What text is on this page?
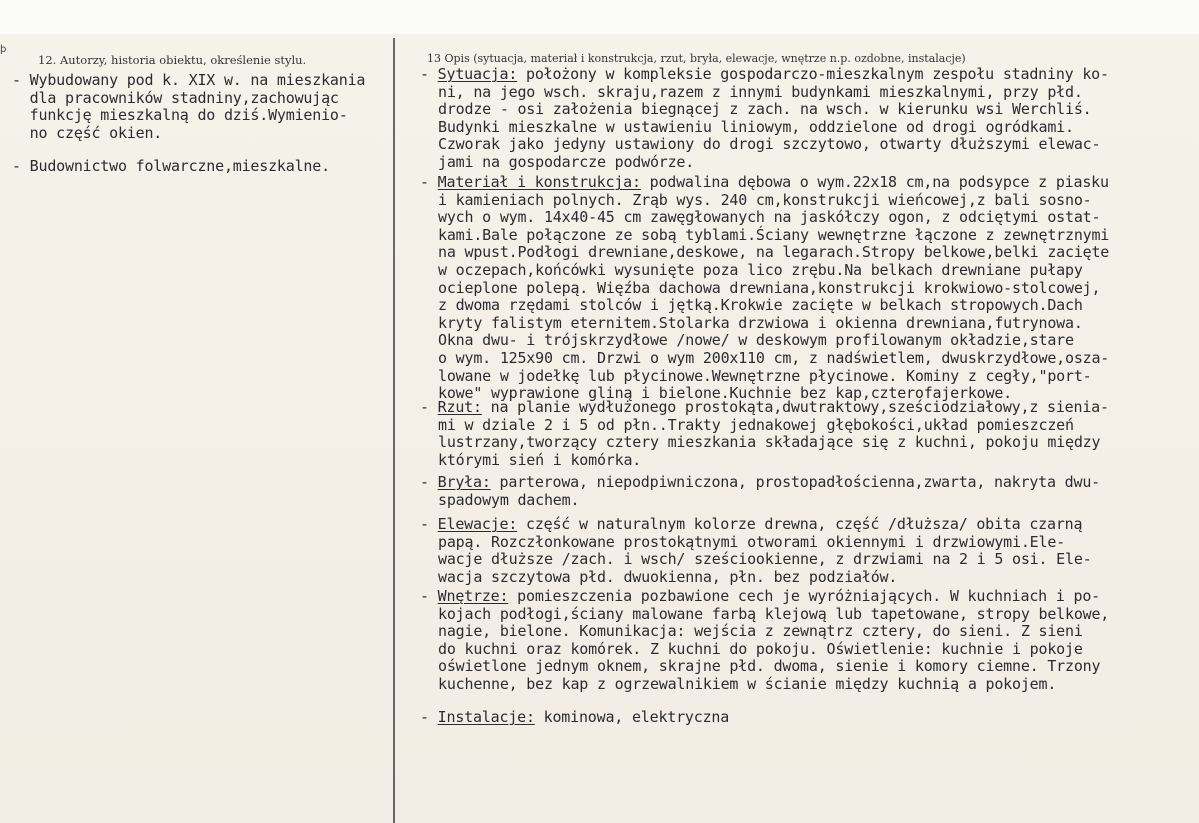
þ
12. Autorzy, historia obiektu, określenie stylu.	13 Opis (sytuacja, materiał i konstrukcja, rzut, bryła, elewacje, wnętrze n.p. ozdobne, instalacje)
- Wybudowany pod k. XIX w. na mieszkania
dla pracowników stadniny,zachowując
funkcję mieszkalną do dziś.Wymienio-
no część okien.
- Budownictwo folwarczne,mieszkalne.
- Sytuacja: położony w kompleksie gospodarczo-mieszkalnym zespołu stadniny ko-

ni, na jego wsch. skraju,razem z innymi budynkami mieszkalnymi, przy płd.
drodze - osi założenia biegnącej z zach. na wsch. w kierunku wsi Werchliś.
Budynki mieszkalne w ustawieniu liniowym, oddzielone od drogi ogródkami.
Czworak jako jedyny ustawiony do drogi szczytowo, otwarty dłuższymi elewac-
jami na gospodarcze podwórze.
- Materiał i konstrukcja: podwalina dębowa o wym.22x18 cm,na podsypce z piasku

i kamieniach polnych. Zrąb wys. 240 cm,konstrukcji wieńcowej,z bali sosno-
wych o wym. 14x40-45 cm zawęgłowanych na jaskółczy ogon, z odciętymi ostat-
kami.Bale połączone ze sobą tyblami.Ściany wewnętrzne łączone z zewnętrznymi
na wpust.Podłogi drewniane,deskowe, na legarach.Stropy belkowe,belki zacięte
w oczepach,końcówki wysunięte poza lico zrębu.Na belkach drewniane pułapy
ocieplone polepą. Więźba dachowa drewniana,konstrukcji krokwiowo-stolcowej,
z dwoma rzędami stolców i jętką.Krokwie zacięte w belkach stropowych.Dach
kryty falistym eternitem.Stolarka drzwiowa i okienna drewniana,futrynowa.
Okna dwu- i trójskrzydłowe /nowe/ w deskowym profilowanym okładzie,stare
o wym. 125x90 cm. Drzwi o wym 200x110 cm, z nadświetlem, dwuskrzydłowe,osza-
lowane w jodełkę lub płycinowe.Wewnętrzne płycinowe. Kominy z cegły,"port-
kowe" wyprawione gliną i bielone.Kuchnie bez kap,czterofajerkowe.
- Rzut: na planie wydłużonego prostokąta,dwutraktowy,sześciodziałowy,z sienia-

mi w dziale 2 i 5 od płn..Trakty jednakowej głębokości,układ pomieszczeń
lustrzany,tworzący cztery mieszkania składające się z kuchni, pokoju między
którymi sień i komórka.
- Bryła: parterowa, niepodpiwniczona, prostopadłościenna,zwarta, nakryta dwu-

spadowym dachem.
- Elewacje: część w naturalnym kolorze drewna, część /dłuższa/ obita czarną

papą. Rozczłonkowane prostokątnymi otworami okiennymi i drzwiowymi.Ele-
wacje dłuższe /zach. i wsch/ sześciookienne, z drzwiami na 2 i 5 osi. Ele-
wacja szczytowa płd. dwuokienna, płn. bez podziałów.
- Wnętrze: pomieszczenia pozbawione cech je wyróżniających. W kuchniach i po-

kojach podłogi,ściany malowane farbą klejową lub tapetowane, stropy belkowe,
nagie, bielone. Komunikacja: wejścia z zewnątrz cztery, do sieni. Z sieni
do kuchni oraz komórek. Z kuchni do pokoju. Oświetlenie: kuchnie i pokoje
oświetlone jednym oknem, skrajne płd. dwoma, sienie i komory ciemne. Trzony
kuchenne, bez kap z ogrzewalnikiem w ścianie między kuchnią a pokojem.
- Instalacje: kominowa, elektryczna
